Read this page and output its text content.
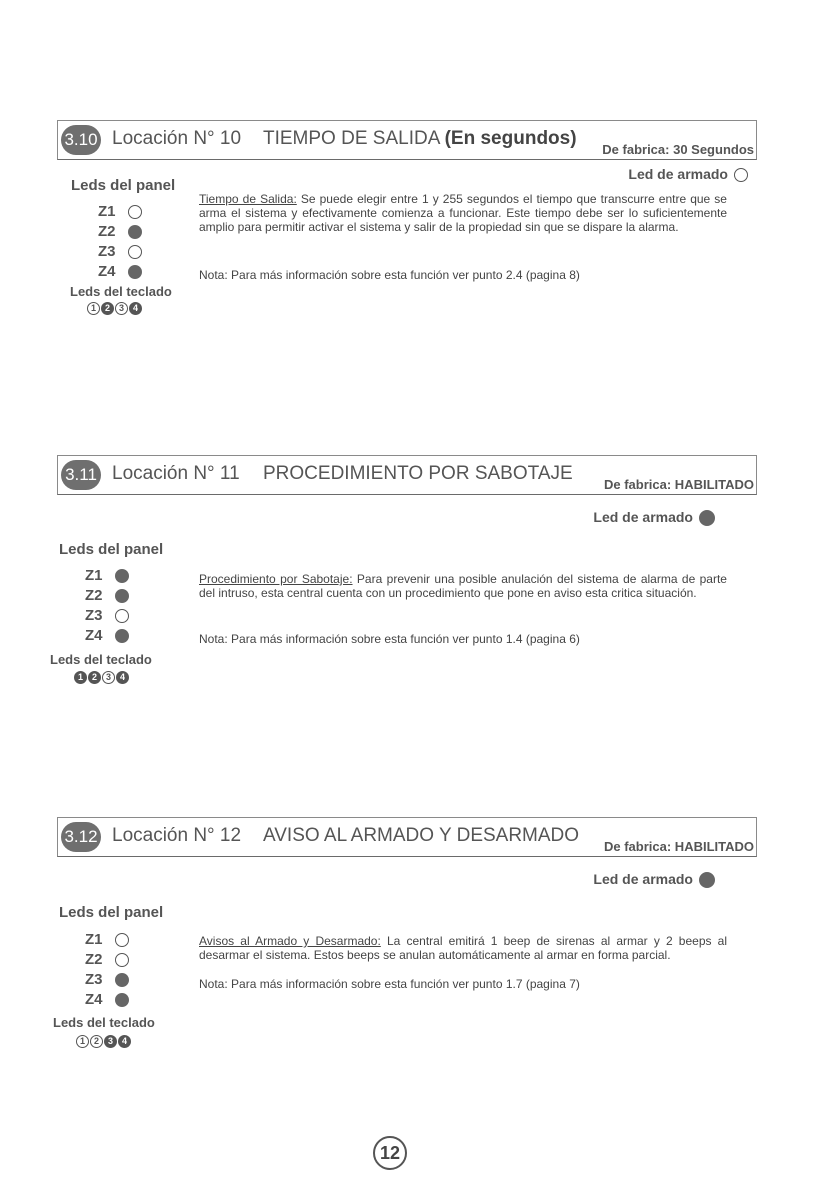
3.10 Locación N° 10 TIEMPO DE SALIDA (En segundos)
De fabrica: 30 Segundos
Led de armado
Leds del panel
Z1
Z2
Z3
Z4
Leds del teclado
1 2 3 4
Tiempo de Salida: Se puede elegir entre 1 y 255 segundos el tiempo que transcurre entre que se arma el sistema y efectivamente comienza a funcionar. Este tiempo debe ser lo suficientemente amplio para permitir activar el sistema y salir de la propiedad sin que se dispare la alarma.
Nota: Para más información sobre esta función ver punto 2.4 (pagina 8)
3.11 Locación N° 11 PROCEDIMIENTO POR SABOTAJE
De fabrica: HABILITADO
Led de armado
Leds del panel
Z1
Z2
Z3
Z4
Leds del teclado
1 2 3 4
Procedimiento por Sabotaje: Para prevenir una posible anulación del sistema de alarma de parte del intruso, esta central cuenta con un procedimiento que pone en aviso esta critica situación.
Nota: Para más información sobre esta función ver punto 1.4 (pagina 6)
3.12 Locación N° 12 AVISO AL ARMADO Y DESARMADO
De fabrica: HABILITADO
Led de armado
Leds del panel
Z1
Z2
Z3
Z4
Leds del teclado
1 2 3 4
Avisos al Armado y Desarmado: La central emitirá 1 beep de sirenas al armar y 2 beeps al desarmar el sistema. Estos beeps se anulan automáticamente al armar en forma parcial.
Nota: Para más información sobre esta función ver punto 1.7 (pagina 7)
12
